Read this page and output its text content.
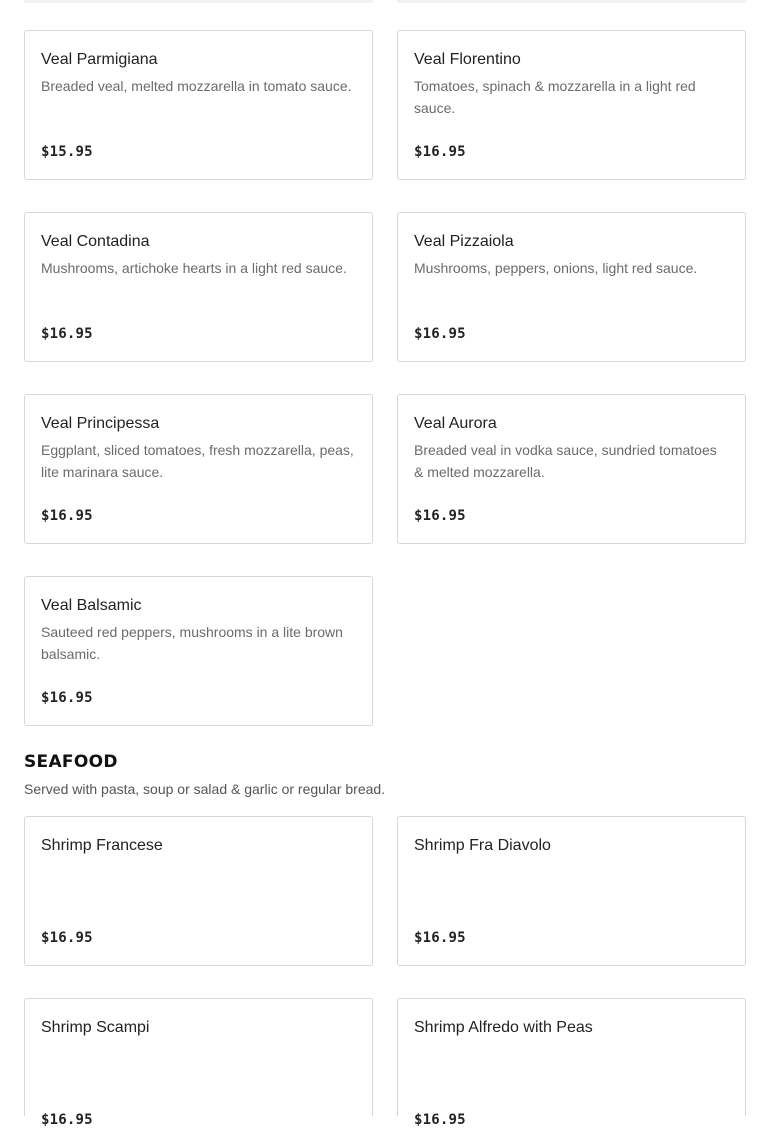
Veal Parmigiana
Breaded veal, melted mozzarella in tomato sauce.
$15.95
Veal Florentino
Tomatoes, spinach & mozzarella in a light red sauce.
$16.95
Veal Contadina
Mushrooms, artichoke hearts in a light red sauce.
$16.95
Veal Pizzaiola
Mushrooms, peppers, onions, light red sauce.
$16.95
Veal Principessa
Eggplant, sliced tomatoes, fresh mozzarella, peas, lite marinara sauce.
$16.95
Veal Aurora
Breaded veal in vodka sauce, sundried tomatoes & melted mozzarella.
$16.95
Veal Balsamic
Sauteed red peppers, mushrooms in a lite brown balsamic.
$16.95
SEAFOOD
Served with pasta, soup or salad & garlic or regular bread.
Shrimp Francese
$16.95
Shrimp Fra Diavolo
$16.95
Shrimp Scampi
$16.95
Shrimp Alfredo with Peas
$16.95
